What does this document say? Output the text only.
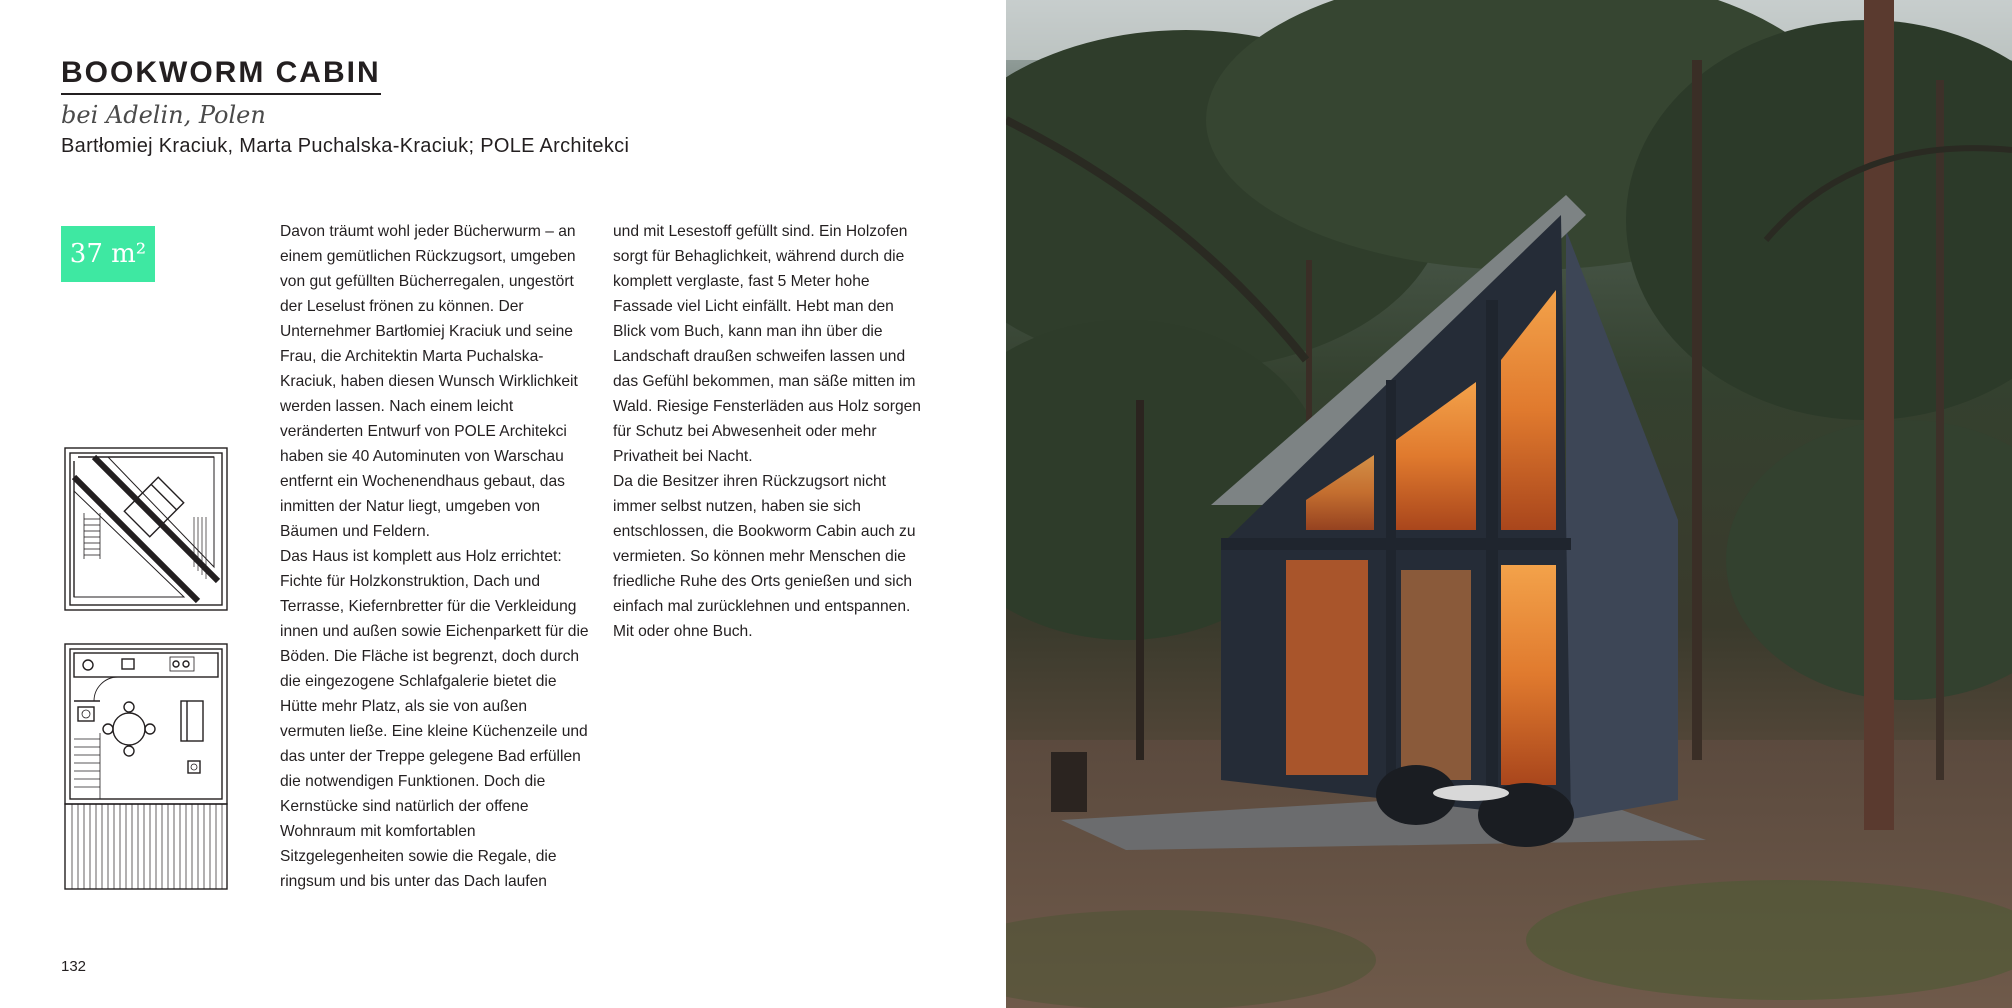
BOOKWORM CABIN
bei Adelin, Polen
Bartłomiej Kraciuk, Marta Puchalska-Kraciuk; POLE Architekci
37 m²

Davon träumt wohl jeder Bücherwurm – an einem gemütlichen Rückzugsort, umgeben von gut gefüllten Bücherregalen, ungestört der Leselust frönen zu können. Der Unternehmer Bartłomiej Kraciuk und seine Frau, die Architektin Marta Puchalska-Kraciuk, haben diesen Wunsch Wirklichkeit werden lassen. Nach einem leicht veränderten Entwurf von POLE Architekci haben sie 40 Autominuten von Warschau entfernt ein Wochenendhaus gebaut, das inmitten der Natur liegt, umgeben von Bäumen und Feldern.

Das Haus ist komplett aus Holz errichtet: Fichte für Holzkonstruktion, Dach und Terrasse, Kiefernbretter für die Verkleidung innen und außen sowie Eichenparkett für die Böden. Die Fläche ist begrenzt, doch durch die eingezogene Schlafgalerie bietet die Hütte mehr Platz, als sie von außen vermuten ließe. Eine kleine Küchenzeile und das unter der Treppe gelegene Bad erfüllen die notwendigen Funktionen. Doch die Kernstücke sind natürlich der offene Wohnraum mit komfortablen Sitzgelegenheiten sowie die Regale, die ringsum und bis unter das Dach laufen

und mit Lesestoff gefüllt sind. Ein Holzofen sorgt für Behaglichkeit, während durch die komplett verglaste, fast 5 Meter hohe Fassade viel Licht einfällt. Hebt man den Blick vom Buch, kann man ihn über die Landschaft draußen schweifen lassen und das Gefühl bekommen, man säße mitten im Wald. Riesige Fensterläden aus Holz sorgen für Schutz bei Abwesenheit oder mehr Privatheit bei Nacht.

Da die Besitzer ihren Rückzugsort nicht immer selbst nutzen, haben sie sich entschlossen, die Bookworm Cabin auch zu vermieten. So können mehr Menschen die friedliche Ruhe des Orts genießen und sich einfach mal zurücklehnen und entspannen. Mit oder ohne Buch.

132
